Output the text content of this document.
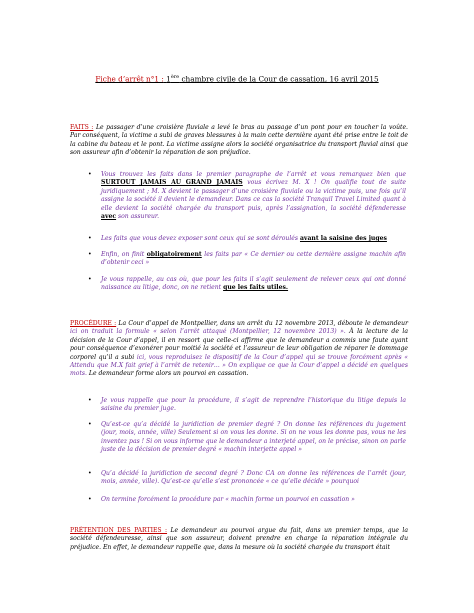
Fiche d’arrêt n°1 : 1ère chambre civile de la Cour de cassation, 16 avril 2015
FAITS : Le passager d’une croisière fluviale a levé le bras au passage d’un pont pour en toucher la voûte. Par conséquent, la victime a subi de graves blessures à la main cette dernière ayant été prise entre le toit de la cabine du bateau et le pont. La victime assigne alors la société organisatrice du transport fluvial ainsi que son assureur afin d’obtenir la réparation de son préjudice.
• Vous trouvez les faits dans le premier paragraphe de l’arrêt et vous remarquez bien que SURTOUT JAMAIS AU GRAND JAMAIS vous écrivez M. X ! On qualifie tout de suite juridiquement ; M. X devient le passager d’une croisière fluviale ou la victime puis, une fois qu’il assigne la société il devient le demandeur. Dans ce cas la société Tranquil Travel Limited quant à elle devient la société chargée du transport puis, après l’assignation, la société défenderesse avec son assureur.
• Les faits que vous devez exposer sont ceux qui se sont déroulés avant la saisine des juges
• Enfin, on finit obligatoirement les faits par « Ce dernier ou cette dernière assigne machin afin d’obtenir ceci »
• Je vous rappelle, au cas où, que pour les faits il s’agit seulement de relever ceux qui ont donné naissance au litige, donc, on ne retient que les faits utiles.
PROCÉDURE : La Cour d’appel de Montpellier, dans un arrêt du 12 novembre 2013, déboute le demandeur ici on traduit la formule « selon l’arrêt attaqué (Montpellier, 12 novembre 2013) ». À la lecture de la décision de la Cour d’appel, il en ressort que celle-ci affirme que le demandeur a commis une faute ayant pour conséquence d’exonérer pour moitié la société et l’assureur de leur obligation de réparer le dommage corporel qu’il a subi ici, vous reproduisez le dispositif de la Cour d’appel qui se trouve forcément après « Attendu que M.X fait grief à l’arrêt de retenir… » On explique ce que la Cour d’appel a décidé en quelques mots. Le demandeur forme alors un pourvoi en cassation.
• Je vous rappelle que pour la procédure, il s’agit de reprendre l’historique du litige depuis la saisine du premier juge.
• Qu’est-ce qu’a décidé la juridiction de premier degré ? On donne les références du jugement (jour, mois, année, ville) Seulement si on vous les donne. Si on ne vous les donne pas, vous ne les inventez pas ! Si on vous informe que le demandeur a interjeté appel, on le précise, sinon on parle juste de la décision de premier degré « machin interjette appel »
• Qu’a décidé la juridiction de second degré ? Donc CA on donne les références de l’arrêt (jour, mois, année, ville). Qu’est-ce qu’elle s’est prononcée « ce qu’elle décide » pourquoi
• On termine forcément la procédure par « machin forme un pourvoi en cassation »
PRÉTENTION DES PARTIES : Le demandeur au pourvoi argue du fait, dans un premier temps, que la société défendeuresse, ainsi que son assureur, doivent prendre en charge la réparation intégrale du préjudice. En effet, le demandeur rappelle que, dans la mesure où la société chargée du transport était
